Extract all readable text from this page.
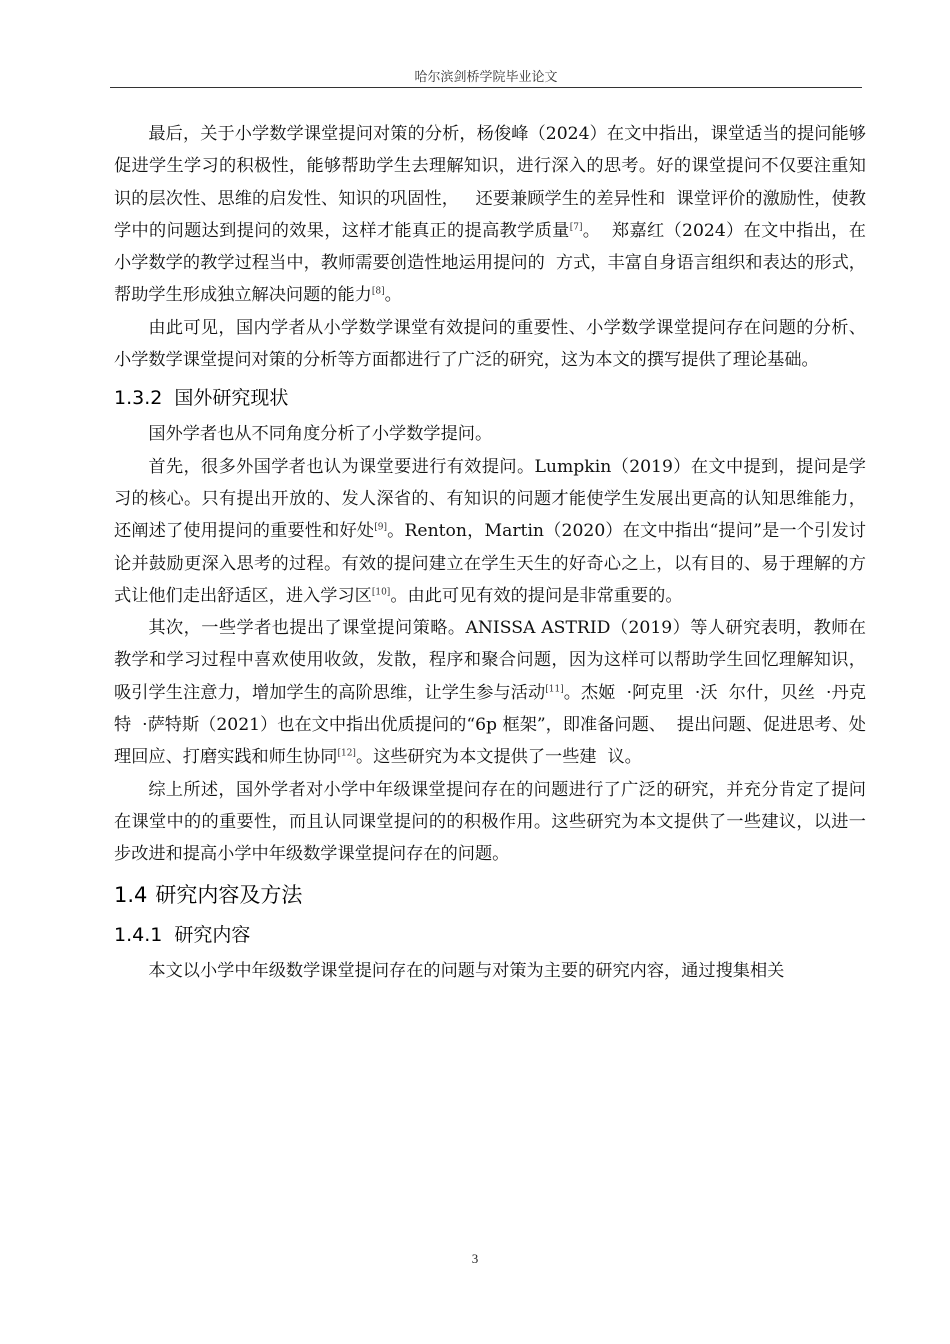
哈尔滨剑桥学院毕业论文

最后，关于小学数学课堂提问对策的分析，杨俊峰（2024）在文中指出，课堂适当的提问能够促进学生学习的积极性，能够帮助学生去理解知识，进行深入的思考。好的课堂提问不仅要注重知识的层次性、思维的启发性、知识的巩固性，   还要兼顾学生的差异性和  课堂评价的激励性，使教学中的问题达到提问的效果，这样才能真正的提高教学质量[7]。  郑嘉红（2024）在文中指出，在小学数学的教学过程当中，教师需要创造性地运用提问的  方式，丰富自身语言组织和表达的形式，帮助学生形成独立解决问题的能力[8]。

由此可见，国内学者从小学数学课堂有效提问的重要性、小学数学课堂提问存在问题的分析、小学数学课堂提问对策的分析等方面都进行了广泛的研究，这为本文的撰写提供了理论基础。

1.3.2 国外研究现状

国外学者也从不同角度分析了小学数学提问。

首先，很多外国学者也认为课堂要进行有效提问。Lumpkin（2019）在文中提到，提问是学习的核心。只有提出开放的、发人深省的、有知识的问题才能使学生发展出更高的认知思维能力，还阐述了使用提问的重要性和好处[9]。Renton，Martin（2020）在文中指出“提问”是一个引发讨论并鼓励更深入思考的过程。有效的提问建立在学生天生的好奇心之上，以有目的、易于理解的方式让他们走出舒适区，进入学习区[10]。由此可见有效的提问是非常重要的。

其次，一些学者也提出了课堂提问策略。ANISSA ASTRID（2019）等人研究表明，教师在教学和学习过程中喜欢使用收敛，发散，程序和聚合问题，因为这样可以帮助学生回忆理解知识，吸引学生注意力，增加学生的高阶思维，让学生参与活动[11]。杰姬  ·阿克里  ·沃  尔什，贝丝  ·丹克特  ·萨特斯（2021）也在文中指出优质提问的“6p 框架”，即准备问题、  提出问题、促进思考、处理回应、打磨实践和师生协同[12]。这些研究为本文提供了一些建  议。

综上所述，国外学者对小学中年级课堂提问存在的问题进行了广泛的研究，并充分肯定了提问在课堂中的的重要性，而且认同课堂提问的的积极作用。这些研究为本文提供了一些建议，以进一步改进和提高小学中年级数学课堂提问存在的问题。

1.4 研究内容及方法
1.4.1 研究内容

本文以小学中年级数学课堂提问存在的问题与对策为主要的研究内容，通过搜集相关

3
